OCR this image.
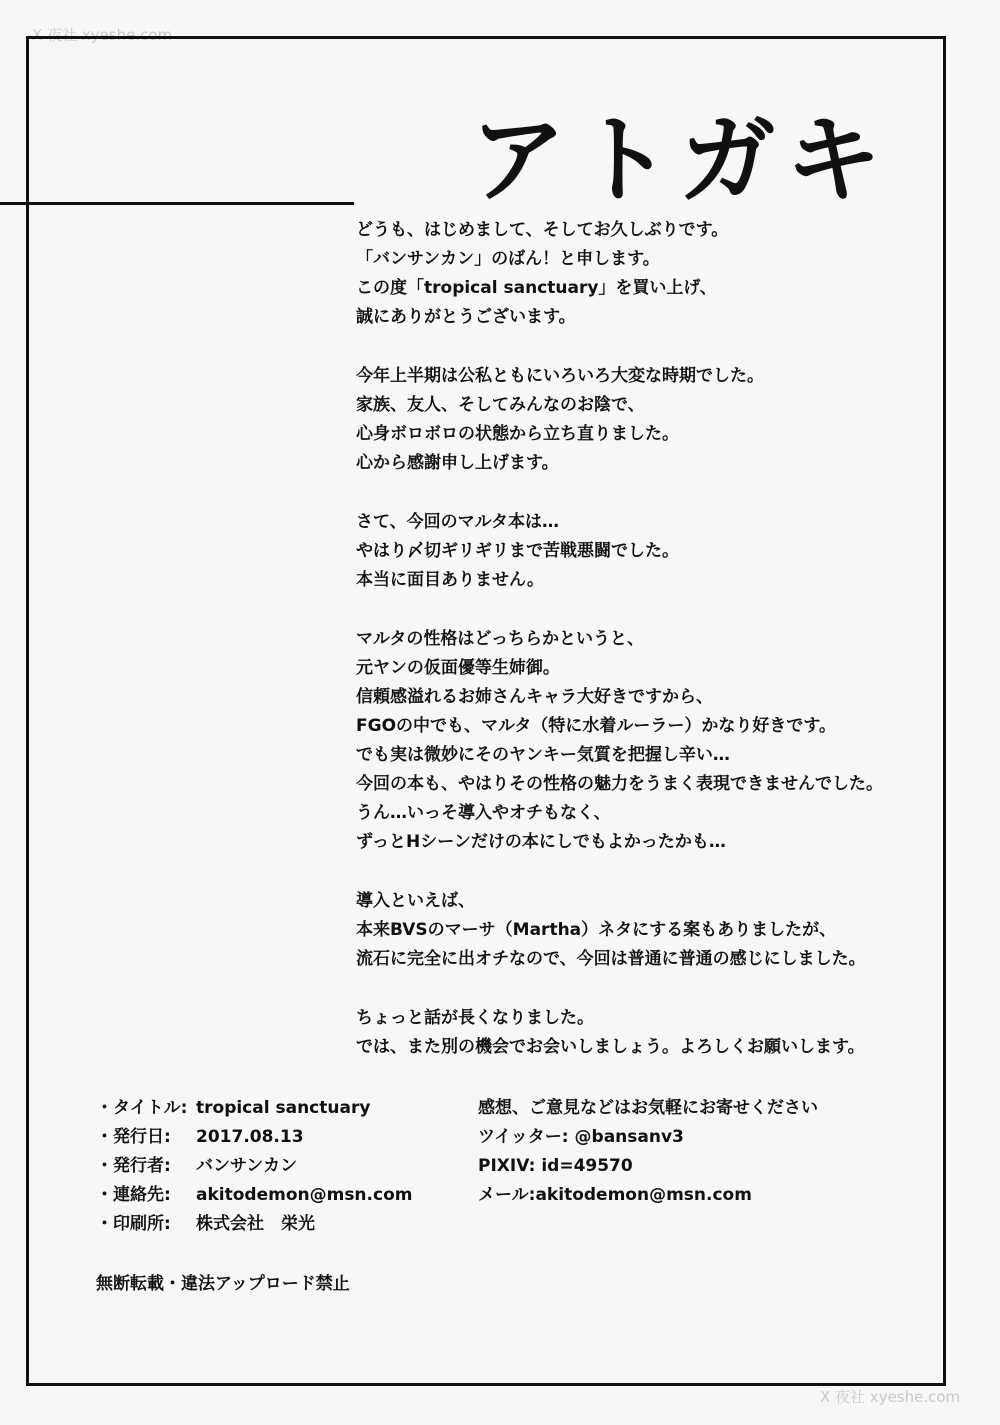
X 夜社 xyeshe.com
アトガキ
どうも、はじめまして、そしてお久しぶりです。
「バンサンカン」のばん！と申します。
この度「tropical sanctuary」を買い上げ、
誠にありがとうございます。
今年上半期は公私ともにいろいろ大変な時期でした。
家族、友人、そしてみんなのお陰で、
心身ボロボロの状態から立ち直りました。
心から感謝申し上げます。
さて、今回のマルタ本は…
やはり〆切ギリギリまで苦戦悪闘でした。
本当に面目ありません。
マルタの性格はどっちらかというと、
元ヤンの仮面優等生姉御。
信頼感溢れるお姉さんキャラ大好きですから、
FGOの中でも、マルタ（特に水着ルーラー）かなり好きです。
でも実は微妙にそのヤンキー気質を把握し辛い…
今回の本も、やはりその性格の魅力をうまく表現できませんでした。
うん…いっそ導入やオチもなく、
ずっとHシーンだけの本にしでもよかったかも…
導入といえば、
本来BVSのマーサ（Martha）ネタにする案もありましたが、
流石に完全に出オチなので、今回は普通に普通の感じにしました。
ちょっと話が長くなりました。
では、また別の機会でお会いしましょう。よろしくお願いします。
・タイトル: tropical sanctuary
・発行日:	2017.08.13
・発行者:	バンサンカン
・連絡先:	akitodemon@msn.com
・印刷所:	株式会社　栄光
感想、ご意見などはお気軽にお寄せください
ツイッター: @bansanv3
PIXIV: id=49570
メール:akitodemon@msn.com
無断転載・違法アップロード禁止
X 夜社 xyeshe.com
